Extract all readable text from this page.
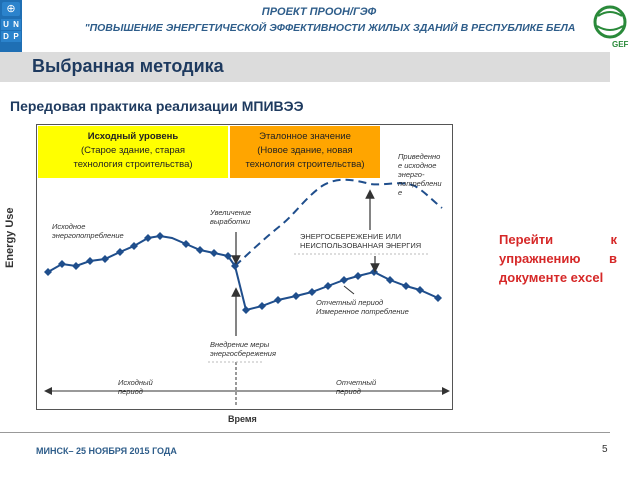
⊕
U N
D P
ПРОЕКТ ПРООН/ГЭФ
"ПОВЫШЕНИЕ ЭНЕРГЕТИЧЕСКОЙ ЭФФЕКТИВНОСТИ ЖИЛЫХ ЗДАНИЙ В РЕСПУБЛИКЕ БЕЛА
GEF
Выбранная методика
Передовая практика реализации МПИВЭЭ
Energy Use
Исходный уровень
(Старое здание, старая
технология строительства)
Эталонное значение
(Новое здание, новая
технология строительства)
Приведенно
е исходное
энерго-
потреблени
е
Исходное
энергопотребление
Увеличение
выработки
ЭНЕРГОСБЕРЕЖЕНИЕ ИЛИ
НЕИСПОЛЬЗОВАННАЯ ЭНЕРГИЯ
Отчетный период
Измеренное потребление
Внедрение меры
энергосбережения
Исходный
период
Отчетный
период
Время
Перейти к упражнению в документе excel
МИНСК– 25 НОЯБРЯ 2015 ГОДА	5
